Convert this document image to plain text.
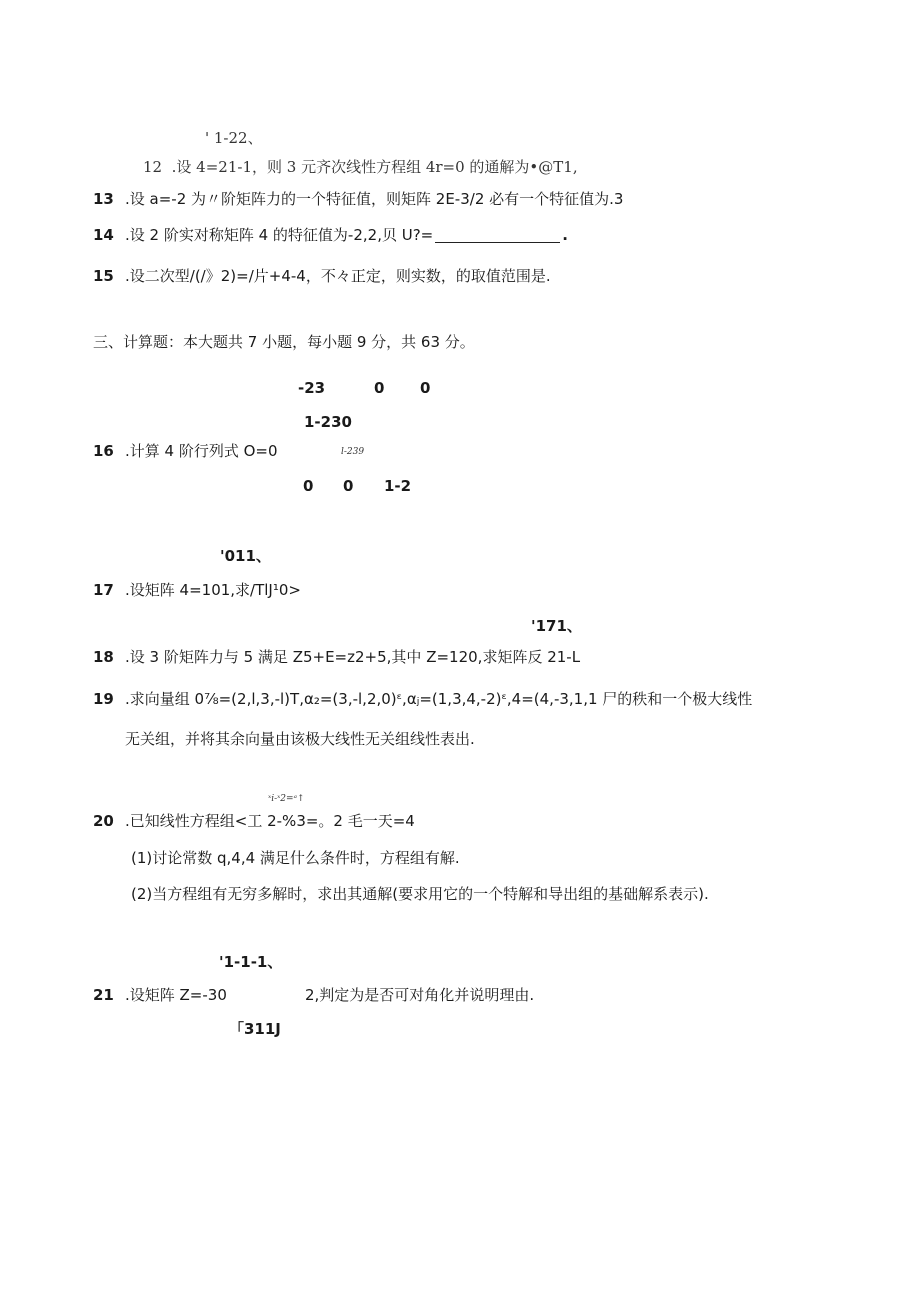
' 1-22、
12 .设 4=21-1，则 3 元齐次线性方程组 4r=0 的通解为•@T1,
13 .设 a=-2 为〃阶矩阵力的一个特征值，则矩阵 2E-3/2 必有一个特征值为.3
14 .设 2 阶实对称矩阵 4 的特征值为-2,2,贝 U?=	.
15 .设二次型/(/》2)=/片+4-4，不々正定，则实数，的取值范围是.
三、计算题：本大题共 7 小题，每小题 9 分，共 63 分。
-23	0 0
1-230
16 .计算 4 阶行列式 O=0	l-239
0 0 1-2
'011、
17 .设矩阵 4=101,求/TlJ¹0>
'171、
18 .设 3 阶矩阵力与 5 满足 Z5+E=z2+5,其中 Z=120,求矩阵反 21-L
19 .求向量组 0⅞=(2,l,3,-l)T,α₂=(3,-l,2,0)ᵋ,αⱼ=(1,3,4,-2)ᵋ,4=(4,-3,1,1 尸的秩和一个极大线性
无关组，并将其余向量由该极大线性无关组线性表出.
ˣi-ˣ2=ᵃ↑
20 .已知线性方程组<工 2-%3=。2 毛一天=4
(1)讨论常数 q,4,4 满足什么条件时，方程组有解.
(2)当方程组有无穷多解时，求出其通解(要求用它的一个特解和导出组的基础解系表示).
'1-1-1、
21 .设矩阵 Z=-30	2,判定为是否可对角化并说明理由.
「311J
